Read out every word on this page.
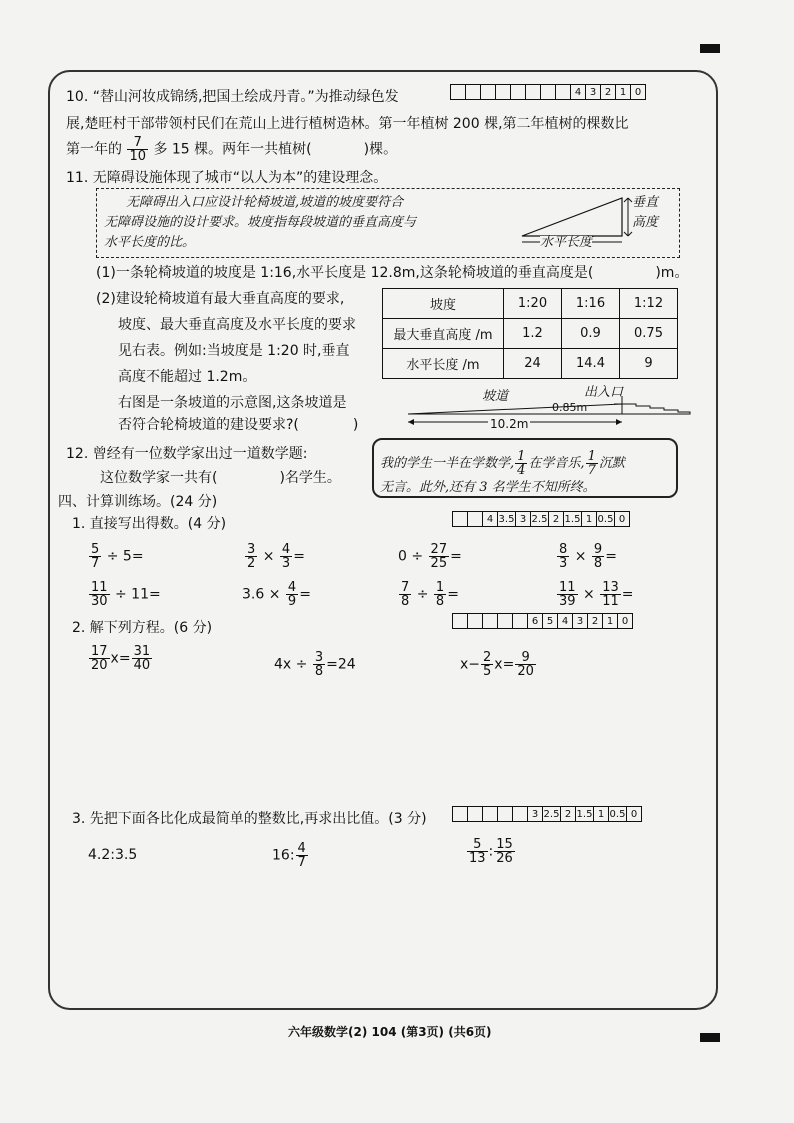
10. “替山河妆成锦绣,把国土绘成丹青。”为推动绿色发
									4	3	2	1	0
展,楚旺村干部带领村民们在荒山上进行植树造林。第一年植树 200 棵,第二年植树的棵数比
第一年的 $\frac{7}{10}$ 多 15 棵。两年一共植树(	)棵。
11. 无障碍设施体现了城市“以人为本”的建设理念。
无障碍出入口应设计轮椅坡道,坡道的坡度要符合
无障碍设施的设计要求。坡度指每段坡道的垂直高度与
水平长度的比。
垂直
高度
水平长度
(1)一条轮椅坡道的坡度是 1:16,水平长度是 12.8m,这条轮椅坡道的垂直高度是(	)m。
(2)建设轮椅坡道有最大垂直高度的要求,
坡度、最大垂直高度及水平长度的要求
见右表。例如:当坡度是 1:20 时,垂直
高度不能超过 1.2m。
右图是一条坡道的示意图,这条坡道是
否符合轮椅坡道的建设要求?(	)
坡度	1:20	1:16	1:12
最大垂直高度 /m	1.2	0.9	0.75
水平长度 /m	24	14.4	9
坡道	出入口
0.85m
10.2m
12. 曾经有一位数学家出过一道数学题:
这位数学家一共有(	)名学生。
我的学生一半在学数学, $\frac{1}{4}$ 在学音乐, $\frac{1}{7}$ 沉默
无言。此外,还有 3 名学生不知所终。
四、计算训练场。(24 分)
1. 直接写出得数。(4 分)
			4	3.5	3	2.5	2	1.5	1	0.5	0
$\frac{5}{7} \div 5=$	$\frac{3}{2} \times \frac{4}{3}$ =	$0 \div \frac{27}{25}$ =	$\frac{8}{3} \times \frac{9}{8}$ =
$\frac{11}{30} \div 11=$	$3.6 \times \frac{4}{9}$ =	$\frac{7}{8} \div \frac{1}{8}$ =	$\frac{11}{39} \times \frac{13}{11}$ =
2. 解下列方程。(6 分)
						6	5	4	3	2	1	0
$\frac{17}{20} x= \frac{31}{40}$	$4x \div \frac{3}{8} =24$	$x- \frac{2}{5} x= \frac{9}{20}$
3. 先把下面各比化成最简单的整数比,再求出比值。(3 分)
						3	2.5	2	1.5	1	0.5	0
4.2:3.5	16: $\frac{4}{7}$	$\frac{5}{13}$ : $\frac{15}{26}$
六年级数学(2) 104 (第3页) (共6页)
